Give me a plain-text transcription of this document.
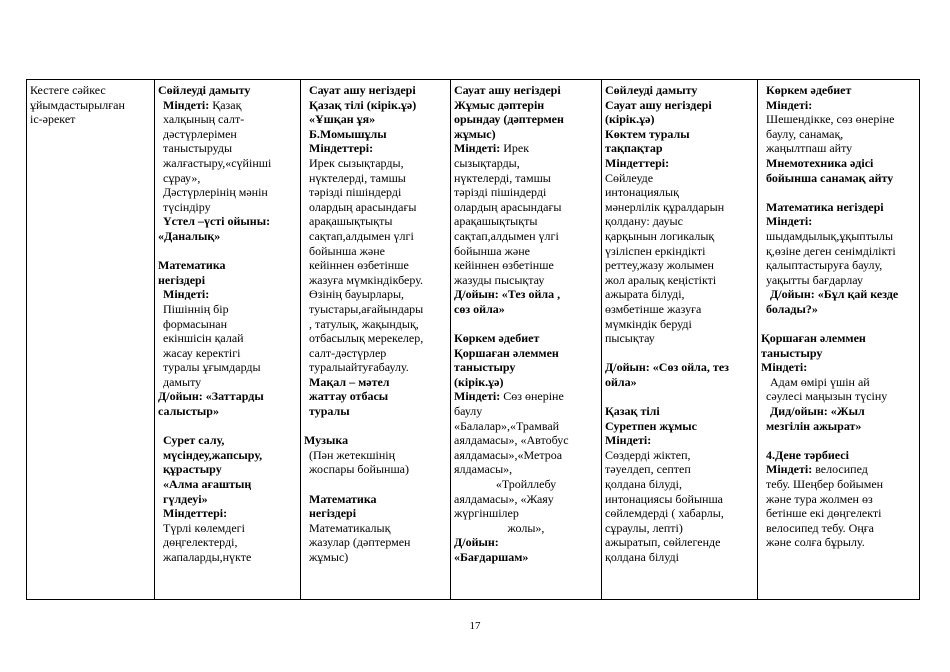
Кестеге сәйкес
ұйымдастырылған
іс-әрекет

Сөйлеуді дамыту
Міндеті: Қазақ
халқының салт-
дәстүрлерімен
таныстыруды
жалғастыру,«сүйінші
сұрау»,
Дәстүрлерінің мәнін
түсіндіру
Үстел –үсті ойыны:
«Даналық»
Математика
негіздері
Міндеті:
Пішіннің бір
формасынан
екіншісін қалай
жасау керектігі
туралы ұғымдарды
дамыту
Д/ойын: «Заттарды
салыстыр»
Сурет салу,
мүсіндеу,жапсыру,
құрастыру
«Алма ағаштың
гүлдеуі»
Міндеттері:
Түрлі көлемдегі
дөңгелектерді,
жапаларды,нүкте

Сауат ашу негіздері
Қазақ тілі (кірік.ұә)
«Ұшқан ұя»
Б.Момышұлы
Міндеттері:
Ирек сызықтарды,
нүктелерді, тамшы
тәрізді пішіндерді
олардың арасындағы
арақашықтықты
сақтап,алдымен үлгі
бойынша және
кейіннен өзбетінше
жазуға мүмкіндікберу.
Өзінің бауырлары,
туыстары,ағайындары
, татулық, жақындық,
отбасылық мерекелер,
салт-дәстүрлер
туралыайтуғабаулу.
Мақал – мәтел
жаттау отбасы
туралы
Музыка
(Пән жетекшінің
жоспары бойынша)
Математика
негіздері
Математикалық
жазулар (дәптермен
жұмыс)

Сауат ашу негіздері
Жұмыс дәптерін
орындау (дәптермен
жұмыс)
Міндеті: Ирек
сызықтарды,
нүктелерді, тамшы
тәрізді пішіндерді
олардың арасындағы
арақашықтықты
сақтап,алдымен үлгі
бойынша және
кейіннен өзбетінше
жазуды пысықтау
Д/ойын: «Тез ойла ,
сөз ойла»
Көркем әдебиет
Қоршаған әлеммен
таныстыру
(кірік.ұә)
Міндеті: Сөз өнеріне
баулу
«Балалар»,«Трамвай
аялдамасы», «Автобус
аялдамасы»,«Метроа
ялдамасы»,
«Тройллебу
аялдамасы», «Жаяу
жүргіншілер
жолы»,
Д/ойын:
«Бағдаршам»

Сөйлеуді дамыту
Сауат ашу негіздері
(кірік.ұә)
Көктем туралы
тақпақтар
Міндеттері:
Сөйлеуде
интонациялық
мәнерлілік құралдарын
қолдану: дауыс
қарқынын логикалық
үзіліспен еркіндікті
реттеу,жазу жолымен
жол аралық кеңістікті
ажырата білуді,
өзмбетінше жазуға
мүмкіндік беруді
пысықтау
Д/ойын: «Сөз ойла, тез
ойла»
Қазақ тілі
Суретпен жұмыс
Міндеті:
Сөздерді жіктеп,
тәуелдеп, септеп
қолдана білуді,
интонациясы бойынша
сөйлемдерді ( хабарлы,
сұраулы, лепті)
ажыратып, сөйлегенде
қолдана білуді

Көркем әдебиет
Міндеті:
Шешендікке, сөз өнеріне
баулу, санамақ,
жаңылтпаш айту
Мнемотехника әдісі
бойынша санамақ айту
Математика негіздері
Міндеті:
шыдамдылық,ұқыптылы
қ,өзіне деген сенімділікті
қалыптастыруға баулу,
уақытты бағдарлау
Д/ойын: «Бұл қай кезде
болады?»
Қоршаған әлеммен
таныстыру
Міндеті:
Адам өмірі үшін ай
сәулесі маңызын түсіну
Дид/ойын: «Жыл
мезгілін ажырат»
4.Дене тәрбиесі
Міндеті: велосипед
тебу. Шеңбер бойымен
және тура жолмен өз
бетінше екі дөңгелекті
велосипед тебу. Оңға
және солға бұрылу.
17
